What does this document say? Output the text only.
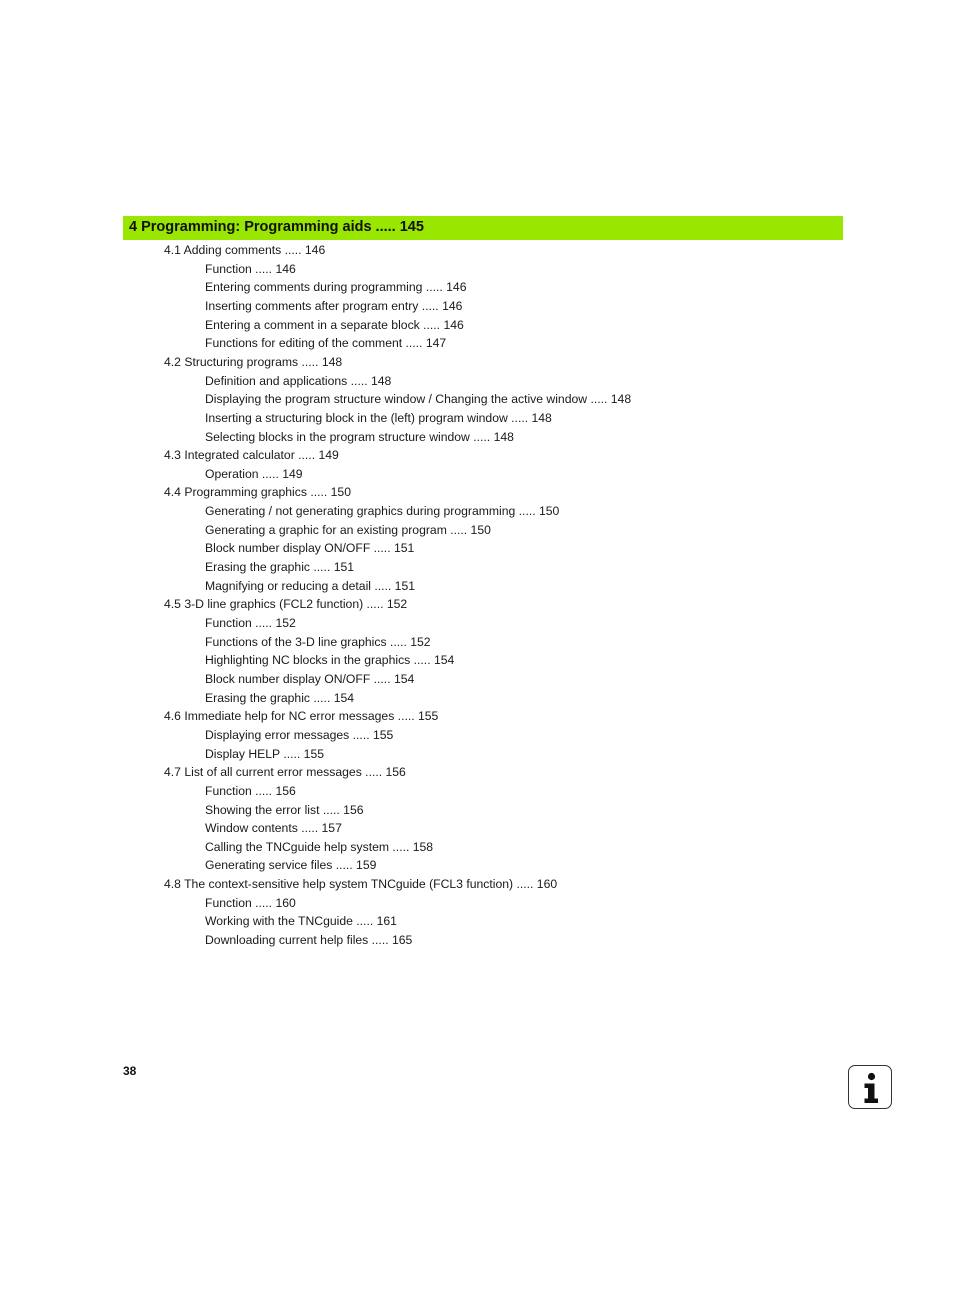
4 Programming: Programming aids ..... 145
4.1 Adding comments ..... 146
Function ..... 146
Entering comments during programming ..... 146
Inserting comments after program entry ..... 146
Entering a comment in a separate block ..... 146
Functions for editing of the comment ..... 147
4.2 Structuring programs ..... 148
Definition and applications ..... 148
Displaying the program structure window / Changing the active window ..... 148
Inserting a structuring block in the (left) program window ..... 148
Selecting blocks in the program structure window ..... 148
4.3 Integrated calculator ..... 149
Operation ..... 149
4.4 Programming graphics ..... 150
Generating / not generating graphics during programming ..... 150
Generating a graphic for an existing program ..... 150
Block number display ON/OFF ..... 151
Erasing the graphic ..... 151
Magnifying or reducing a detail ..... 151
4.5 3-D line graphics (FCL2 function) ..... 152
Function ..... 152
Functions of the 3-D line graphics ..... 152
Highlighting NC blocks in the graphics ..... 154
Block number display ON/OFF ..... 154
Erasing the graphic ..... 154
4.6 Immediate help for NC error messages ..... 155
Displaying error messages ..... 155
Display HELP ..... 155
4.7 List of all current error messages ..... 156
Function ..... 156
Showing the error list ..... 156
Window contents ..... 157
Calling the TNCguide help system ..... 158
Generating service files ..... 159
4.8 The context-sensitive help system TNCguide (FCL3 function) ..... 160
Function ..... 160
Working with the TNCguide ..... 161
Downloading current help files ..... 165
38
